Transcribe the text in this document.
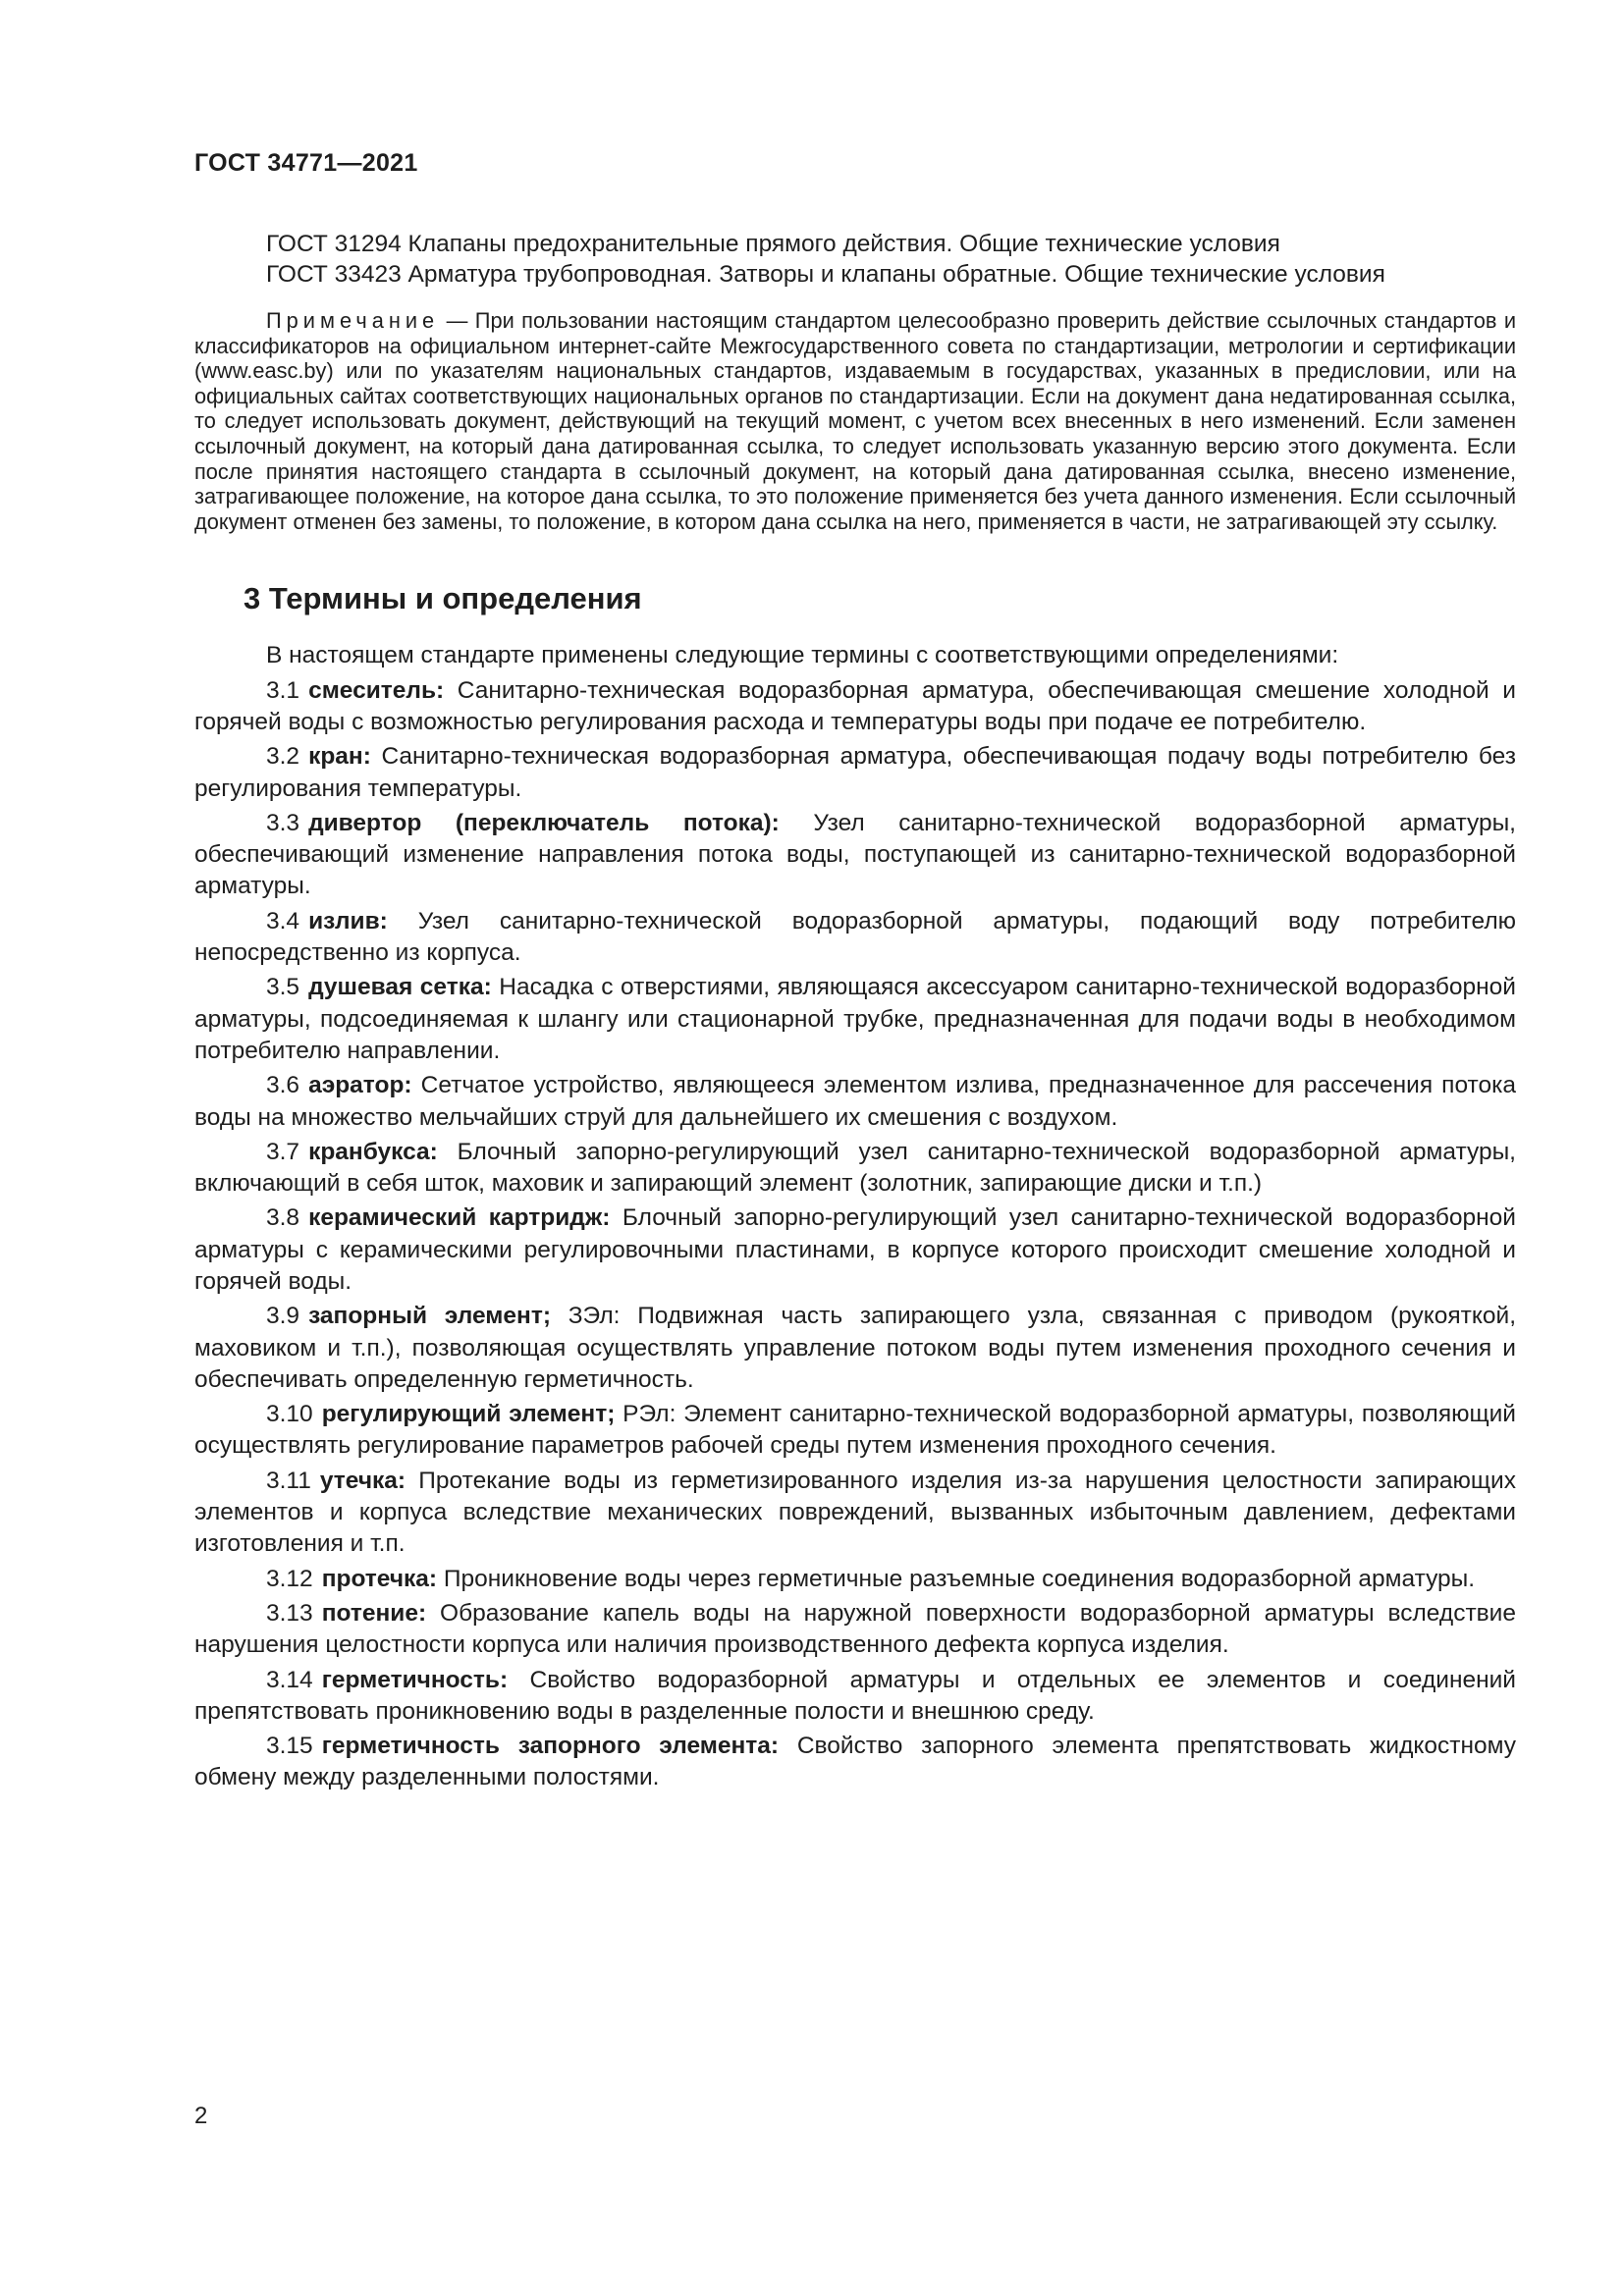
ГОСТ 34771—2021

ГОСТ 31294 Клапаны предохранительные прямого действия. Общие технические условия

ГОСТ 33423 Арматура трубопроводная. Затворы и клапаны обратные. Общие технические условия

Примечание — При пользовании настоящим стандартом целесообразно проверить действие ссылочных стандартов и классификаторов на официальном интернет-сайте Межгосударственного совета по стандартизации, метрологии и сертификации (www.easc.by) или по указателям национальных стандартов, издаваемым в государствах, указанных в предисловии, или на официальных сайтах соответствующих национальных органов по стандартизации. Если на документ дана недатированная ссылка, то следует использовать документ, действующий на текущий момент, с учетом всех внесенных в него изменений. Если заменен ссылочный документ, на который дана датированная ссылка, то следует использовать указанную версию этого документа. Если после принятия настоящего стандарта в ссылочный документ, на который дана датированная ссылка, внесено изменение, затрагивающее положение, на которое дана ссылка, то это положение применяется без учета данного изменения. Если ссылочный документ отменен без замены, то положение, в котором дана ссылка на него, применяется в части, не затрагивающей эту ссылку.

3 Термины и определения

В настоящем стандарте применены следующие термины с соответствующими определениями:

3.1 смеситель: Санитарно-техническая водоразборная арматура, обеспечивающая смешение холодной и горячей воды с возможностью регулирования расхода и температуры воды при подаче ее потребителю.

3.2 кран: Санитарно-техническая водоразборная арматура, обеспечивающая подачу воды потребителю без регулирования температуры.

3.3 дивертор (переключатель потока): Узел санитарно-технической водоразборной арматуры, обеспечивающий изменение направления потока воды, поступающей из санитарно-технической водоразборной арматуры.

3.4 излив: Узел санитарно-технической водоразборной арматуры, подающий воду потребителю непосредственно из корпуса.

3.5 душевая сетка: Насадка с отверстиями, являющаяся аксессуаром санитарно-технической водоразборной арматуры, подсоединяемая к шлангу или стационарной трубке, предназначенная для подачи воды в необходимом потребителю направлении.

3.6 аэратор: Сетчатое устройство, являющееся элементом излива, предназначенное для рассечения потока воды на множество мельчайших струй для дальнейшего их смешения с воздухом.

3.7 кранбукса: Блочный запорно-регулирующий узел санитарно-технической водоразборной арматуры, включающий в себя шток, маховик и запирающий элемент (золотник, запирающие диски и т.п.)

3.8 керамический картридж: Блочный запорно-регулирующий узел санитарно-технической водоразборной арматуры с керамическими регулировочными пластинами, в корпусе которого происходит смешение холодной и горячей воды.

3.9 запорный элемент; ЗЭл: Подвижная часть запирающего узла, связанная с приводом (рукояткой, маховиком и т.п.), позволяющая осуществлять управление потоком воды путем изменения проходного сечения и обеспечивать определенную герметичность.

3.10 регулирующий элемент; РЭл: Элемент санитарно-технической водоразборной арматуры, позволяющий осуществлять регулирование параметров рабочей среды путем изменения проходного сечения.

3.11 утечка: Протекание воды из герметизированного изделия из-за нарушения целостности запирающих элементов и корпуса вследствие механических повреждений, вызванных избыточным давлением, дефектами изготовления и т.п.

3.12 протечка: Проникновение воды через герметичные разъемные соединения водоразборной арматуры.

3.13 потение: Образование капель воды на наружной поверхности водоразборной арматуры вследствие нарушения целостности корпуса или наличия производственного дефекта корпуса изделия.

3.14 герметичность: Свойство водоразборной арматуры и отдельных ее элементов и соединений препятствовать проникновению воды в разделенные полости и внешнюю среду.

3.15 герметичность запорного элемента: Свойство запорного элемента препятствовать жидкостному обмену между разделенными полостями.

2
